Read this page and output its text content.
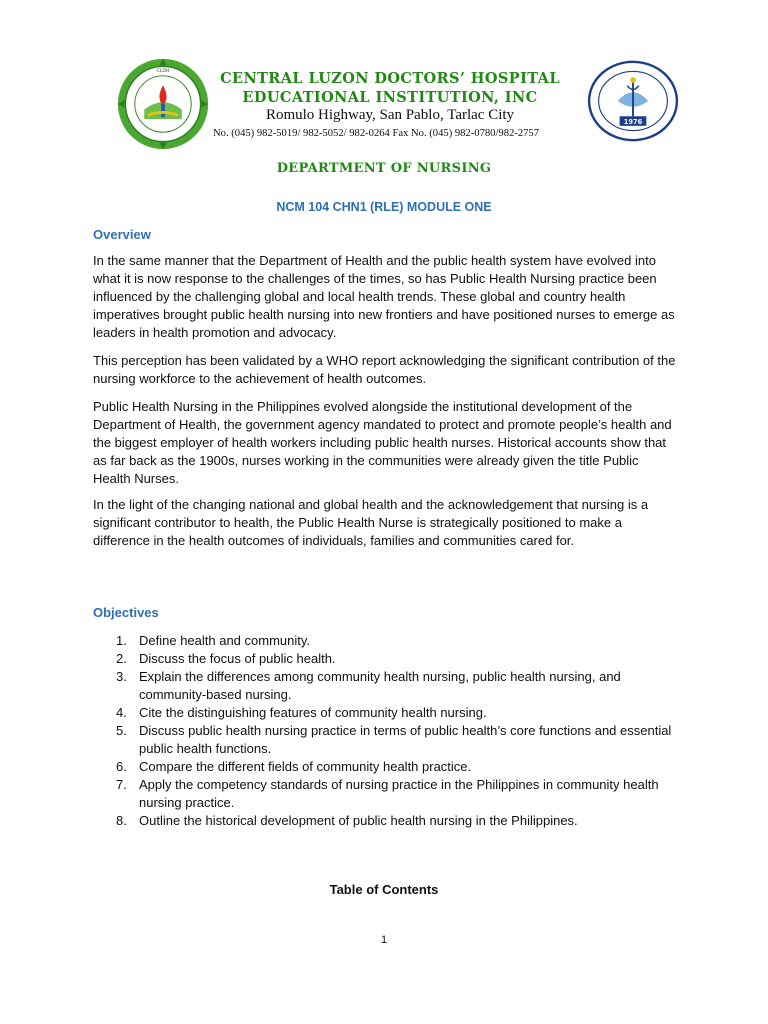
CLDH	CENTRAL LUZON DOCTORS’ HOSPITAL
EDUCATIONAL INSTITUTION, INC
Romulo Highway, San Pablo, Tarlac City
No. (045) 982-5019/ 982-5052/ 982-0264 Fax No. (045) 982-0780/982-2757
1976
DEPARTMENT OF NURSING
NCM 104 CHN1 (RLE) MODULE ONE
Overview

In the same manner that the Department of Health and the public health system have evolved into what it is now response to the challenges of the times, so has Public Health Nursing practice been influenced by the challenging global and local health trends. These global and country health imperatives brought public health nursing into new frontiers and have positioned nurses to emerge as leaders in health promotion and advocacy.

This perception has been validated by a WHO report acknowledging the significant contribution of the nursing workforce to the achievement of health outcomes.

Public Health Nursing in the Philippines evolved alongside the institutional development of the Department of Health, the government agency mandated to protect and promote people’s health and the biggest employer of health workers including public health nurses. Historical accounts show that as far back as the 1900s, nurses working in the communities were already given the title Public Health Nurses.

In the light of the changing national and global health and the acknowledgement that nursing is a significant contributor to health, the Public Health Nurse is strategically positioned to make a difference in the health outcomes of individuals, families and communities cared for.

Objectives
1. Define health and community.
2. Discuss the focus of public health.
3. Explain the differences among community health nursing, public health nursing, and community-based nursing.
4. Cite the distinguishing features of community health nursing.
5. Discuss public health nursing practice in terms of public health’s core functions and essential public health functions.
6. Compare the different fields of community health practice.
7. Apply the competency standards of nursing practice in the Philippines in community health nursing practice.
8. Outline the historical development of public health nursing in the Philippines.
Table of Contents
1
